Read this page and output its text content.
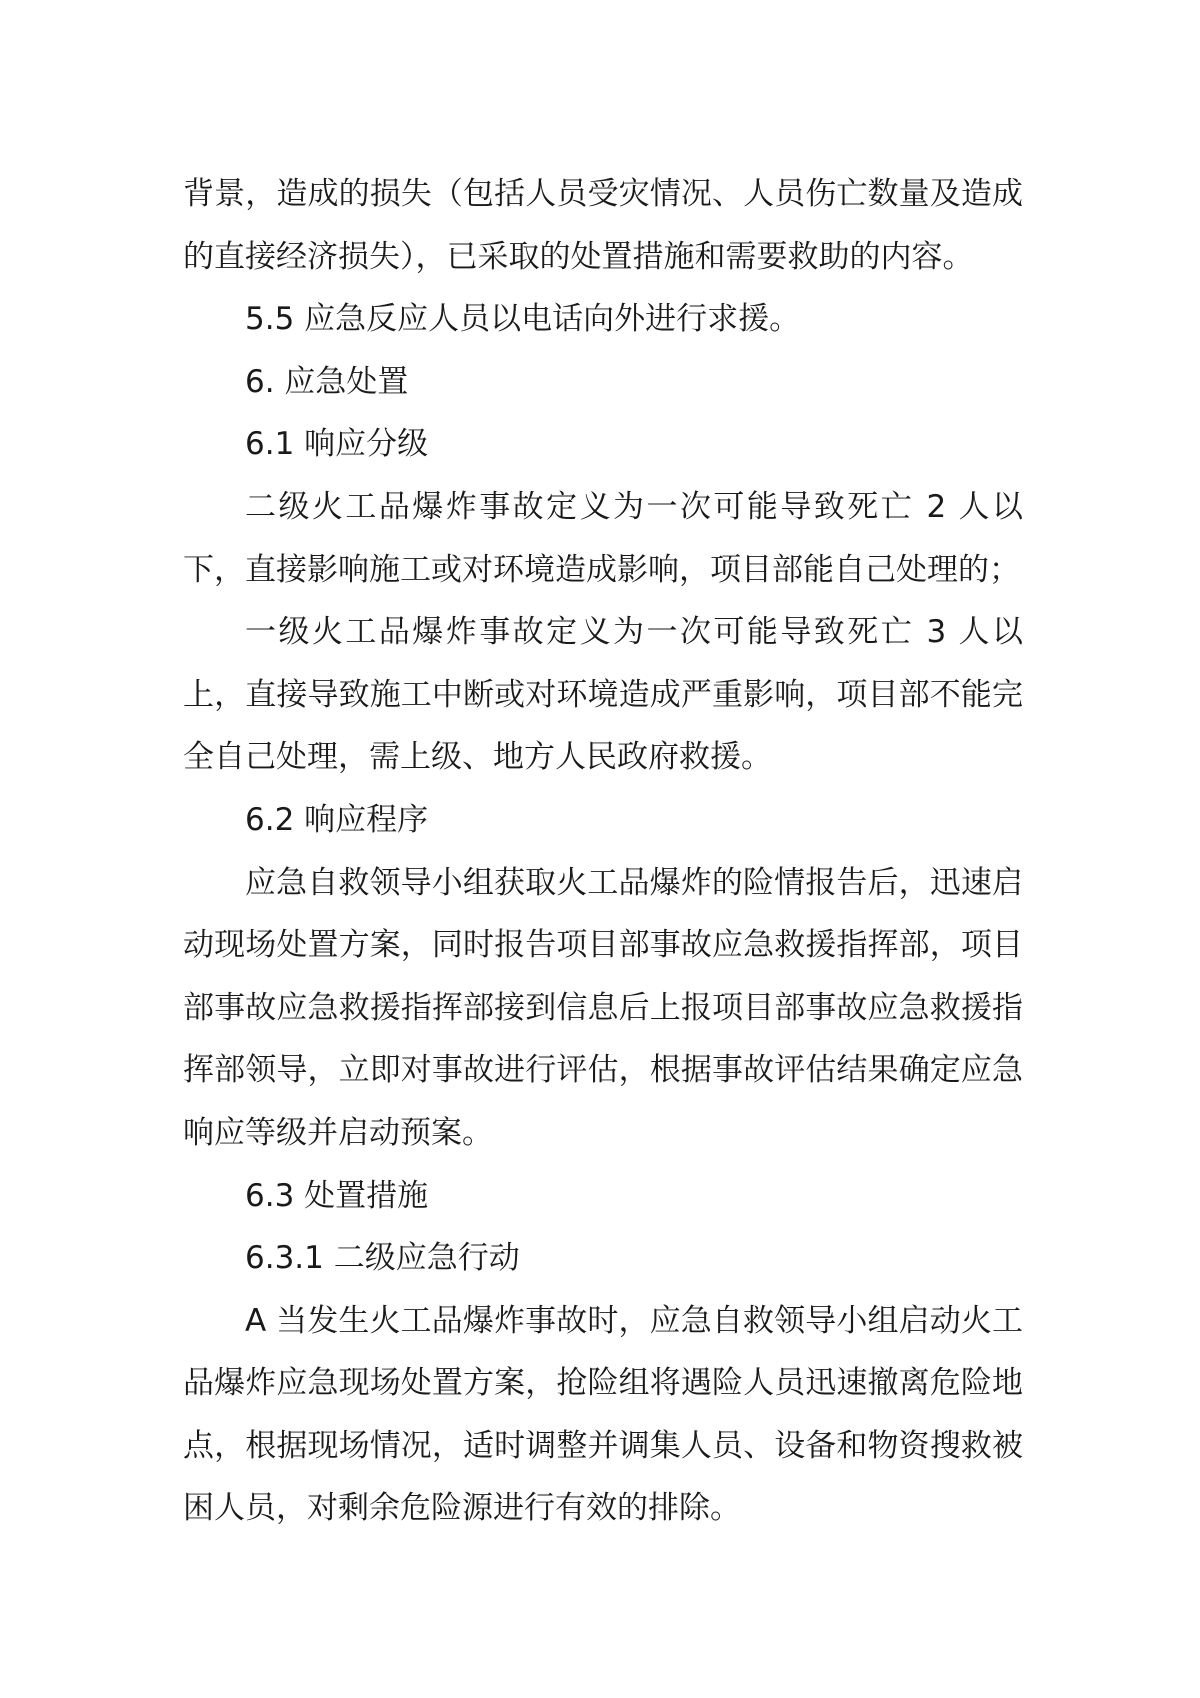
背景，造成的损失（包括人员受灾情况、人员伤亡数量及造成的直接经济损失），已采取的处置措施和需要救助的内容。

5.5 应急反应人员以电话向外进行求援。

6. 应急处置

6.1 响应分级

二级火工品爆炸事故定义为一次可能导致死亡 2 人以下，直接影响施工或对环境造成影响，项目部能自己处理的；

一级火工品爆炸事故定义为一次可能导致死亡 3 人以上，直接导致施工中断或对环境造成严重影响，项目部不能完全自己处理，需上级、地方人民政府救援。

6.2 响应程序

应急自救领导小组获取火工品爆炸的险情报告后，迅速启动现场处置方案，同时报告项目部事故应急救援指挥部，项目部事故应急救援指挥部接到信息后上报项目部事故应急救援指挥部领导，立即对事故进行评估，根据事故评估结果确定应急响应等级并启动预案。

6.3 处置措施

6.3.1 二级应急行动

A 当发生火工品爆炸事故时，应急自救领导小组启动火工品爆炸应急现场处置方案，抢险组将遇险人员迅速撤离危险地点，根据现场情况，适时调整并调集人员、设备和物资搜救被困人员，对剩余危险源进行有效的排除。
